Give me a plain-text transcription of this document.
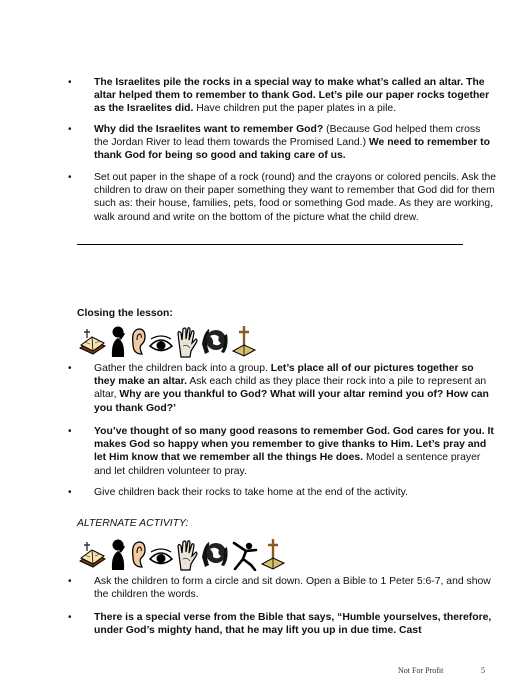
•	The Israelites pile the rocks in a special way to make what’s called an altar. The altar helped them to remember to thank God. Let’s pile our paper rocks together as the Israelites did. Have children put the paper plates in a pile.
•	Why did the Israelites want to remember God? (Because God helped them cross the Jordan River to lead them towards the Promised Land.) We need to remember to thank God for being so good and taking care of us.
•	Set out paper in the shape of a rock (round) and the crayons or colored pencils. Ask the children to draw on their paper something they want to remember that God did for them such as: their house, families, pets, food or something God made. As they are working, walk around and write on the bottom of the picture what the child drew.
Closing the lesson:
•	Gather the children back into a group. Let’s place all of our pictures together so they make an altar. Ask each child as they place their rock into a pile to represent an altar, Why are you thankful to God? What will your altar remind you of? How can you thank God?’
•	You’ve thought of so many good reasons to remember God. God cares for you. It makes God so happy when you remember to give thanks to Him. Let’s pray and let Him know that we remember all the things He does. Model a sentence prayer and let children volunteer to pray.
•	Give children back their rocks to take home at the end of the activity.
ALTERNATE ACTIVITY:
•	Ask the children to form a circle and sit down. Open a Bible to 1 Peter 5:6-7, and show the children the words.
•	There is a special verse from the Bible that says, “Humble yourselves, therefore, under God’s mighty hand, that he may lift you up in due time. Cast
Not For Profit	5
